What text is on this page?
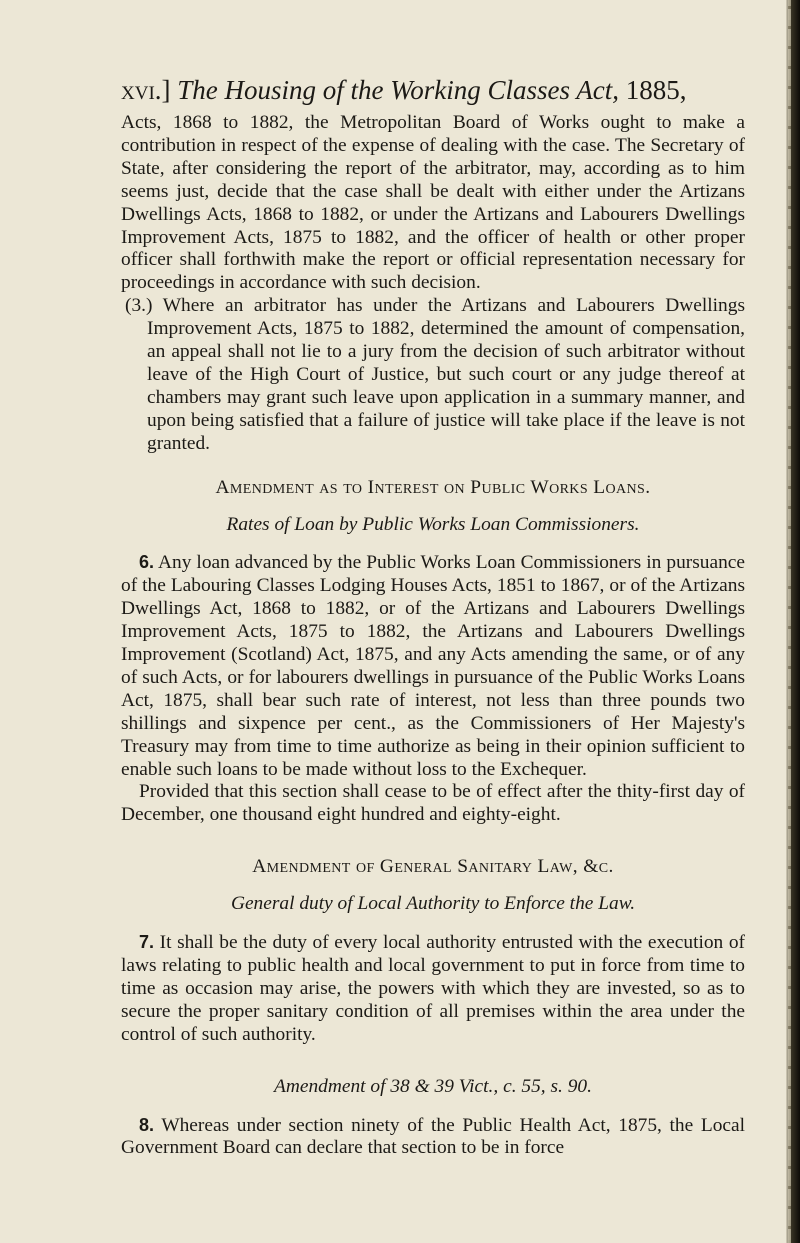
xvi.] The Housing of the Working Classes Act, 1885,

Acts, 1868 to 1882, the Metropolitan Board of Works ought to make a contribution in respect of the expense of dealing with the case. The Secretary of State, after considering the report of the arbitrator, may, according as to him seems just, decide that the case shall be dealt with either under the Artizans Dwellings Acts, 1868 to 1882, or under the Artizans and Labourers Dwellings Improvement Acts, 1875 to 1882, and the officer of health or other proper officer shall forthwith make the report or official representation necessary for proceedings in accordance with such decision.

(3.) Where an arbitrator has under the Artizans and Labourers Dwellings Improvement Acts, 1875 to 1882, determined the amount of compensation, an appeal shall not lie to a jury from the decision of such arbitrator without leave of the High Court of Justice, but such court or any judge thereof at chambers may grant such leave upon application in a summary manner, and upon being satisfied that a failure of justice will take place if the leave is not granted.

Amendment as to Interest on Public Works Loans.
Rates of Loan by Public Works Loan Commissioners.

6. Any loan advanced by the Public Works Loan Commissioners in pursuance of the Labouring Classes Lodging Houses Acts, 1851 to 1867, or of the Artizans Dwellings Act, 1868 to 1882, or of the Artizans and Labourers Dwellings Improvement Acts, 1875 to 1882, the Artizans and Labourers Dwellings Improvement (Scotland) Act, 1875, and any Acts amending the same, or of any of such Acts, or for labourers dwellings in pursuance of the Public Works Loans Act, 1875, shall bear such rate of interest, not less than three pounds two shillings and sixpence per cent., as the Commissioners of Her Majesty's Treasury may from time to time authorize as being in their opinion sufficient to enable such loans to be made without loss to the Exchequer.

Provided that this section shall cease to be of effect after the thity-first day of December, one thousand eight hundred and eighty-eight.

Amendment of General Sanitary Law, &c.
General duty of Local Authority to Enforce the Law.

7. It shall be the duty of every local authority entrusted with the execution of laws relating to public health and local government to put in force from time to time as occasion may arise, the powers with which they are invested, so as to secure the proper sanitary condition of all premises within the area under the control of such authority.

Amendment of 38 & 39 Vict., c. 55, s. 90.

8. Whereas under section ninety of the Public Health Act, 1875, the Local Government Board can declare that section to be in force
